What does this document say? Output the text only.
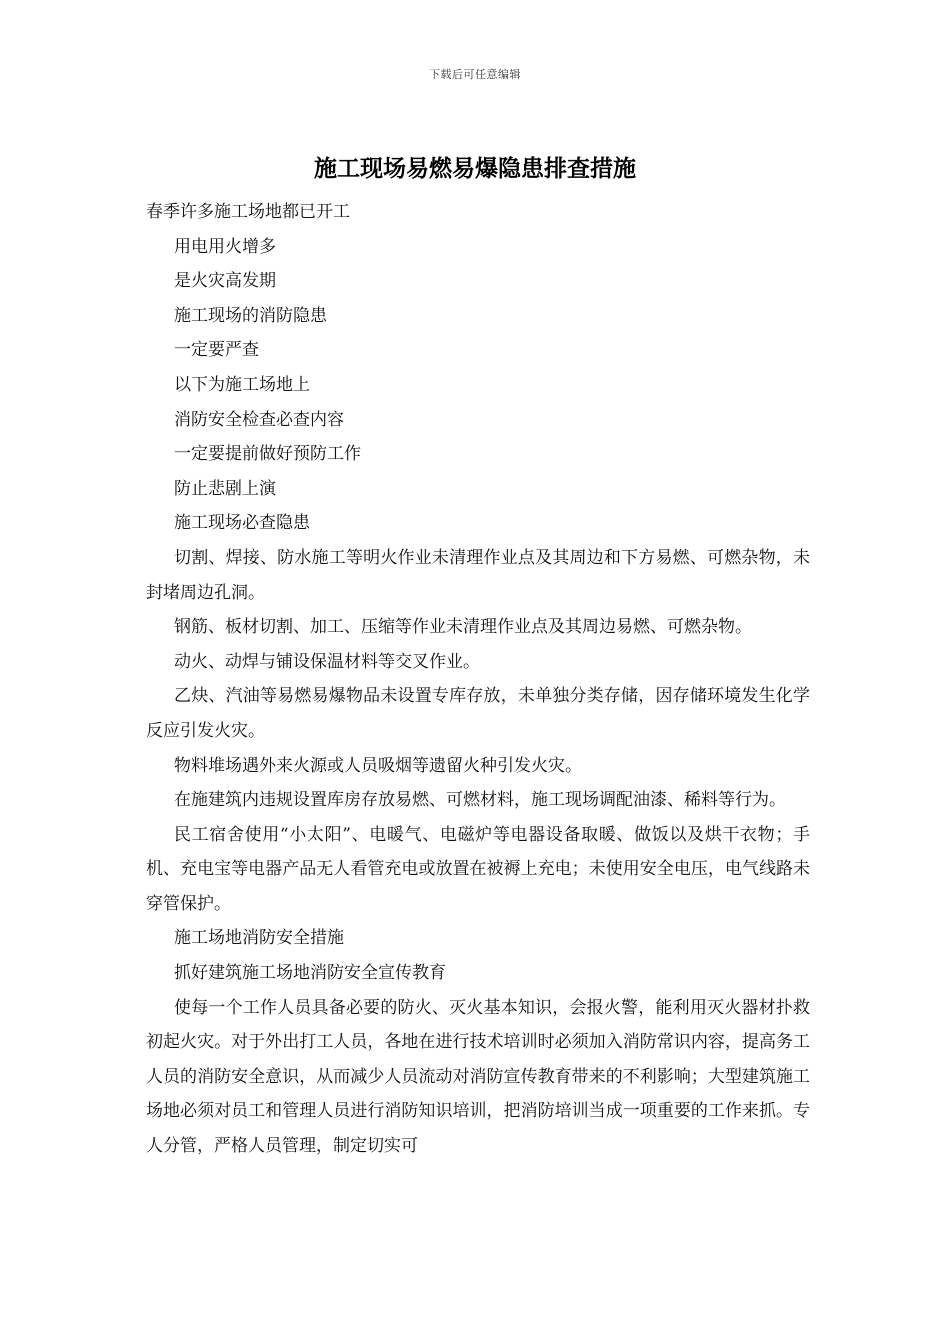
下载后可任意编辑
施工现场易燃易爆隐患排查措施

春季许多施工场地都已开工

用电用火增多

是火灾高发期

施工现场的消防隐患

一定要严查

以下为施工场地上

消防安全检查必查内容

一定要提前做好预防工作

防止悲剧上演

施工现场必查隐患

切割、焊接、防水施工等明火作业未清理作业点及其周边和下方易燃、可燃杂物，未封堵周边孔洞。

钢筋、板材切割、加工、压缩等作业未清理作业点及其周边易燃、可燃杂物。

动火、动焊与铺设保温材料等交叉作业。

乙炔、汽油等易燃易爆物品未设置专库存放，未单独分类存储，因存储环境发生化学反应引发火灾。

物料堆场遇外来火源或人员吸烟等遗留火种引发火灾。

在施建筑内违规设置库房存放易燃、可燃材料，施工现场调配油漆、稀料等行为。

民工宿舍使用“小太阳”、电暖气、电磁炉等电器设备取暖、做饭以及烘干衣物；手机、充电宝等电器产品无人看管充电或放置在被褥上充电；未使用安全电压，电气线路未穿管保护。

施工场地消防安全措施

抓好建筑施工场地消防安全宣传教育

使每一个工作人员具备必要的防火、灭火基本知识，会报火警，能利用灭火器材扑救初起火灾。对于外出打工人员，各地在进行技术培训时必须加入消防常识内容，提高务工人员的消防安全意识，从而减少人员流动对消防宣传教育带来的不利影响；大型建筑施工场地必须对员工和管理人员进行消防知识培训，把消防培训当成一项重要的工作来抓。专人分管，严格人员管理，制定切实可
